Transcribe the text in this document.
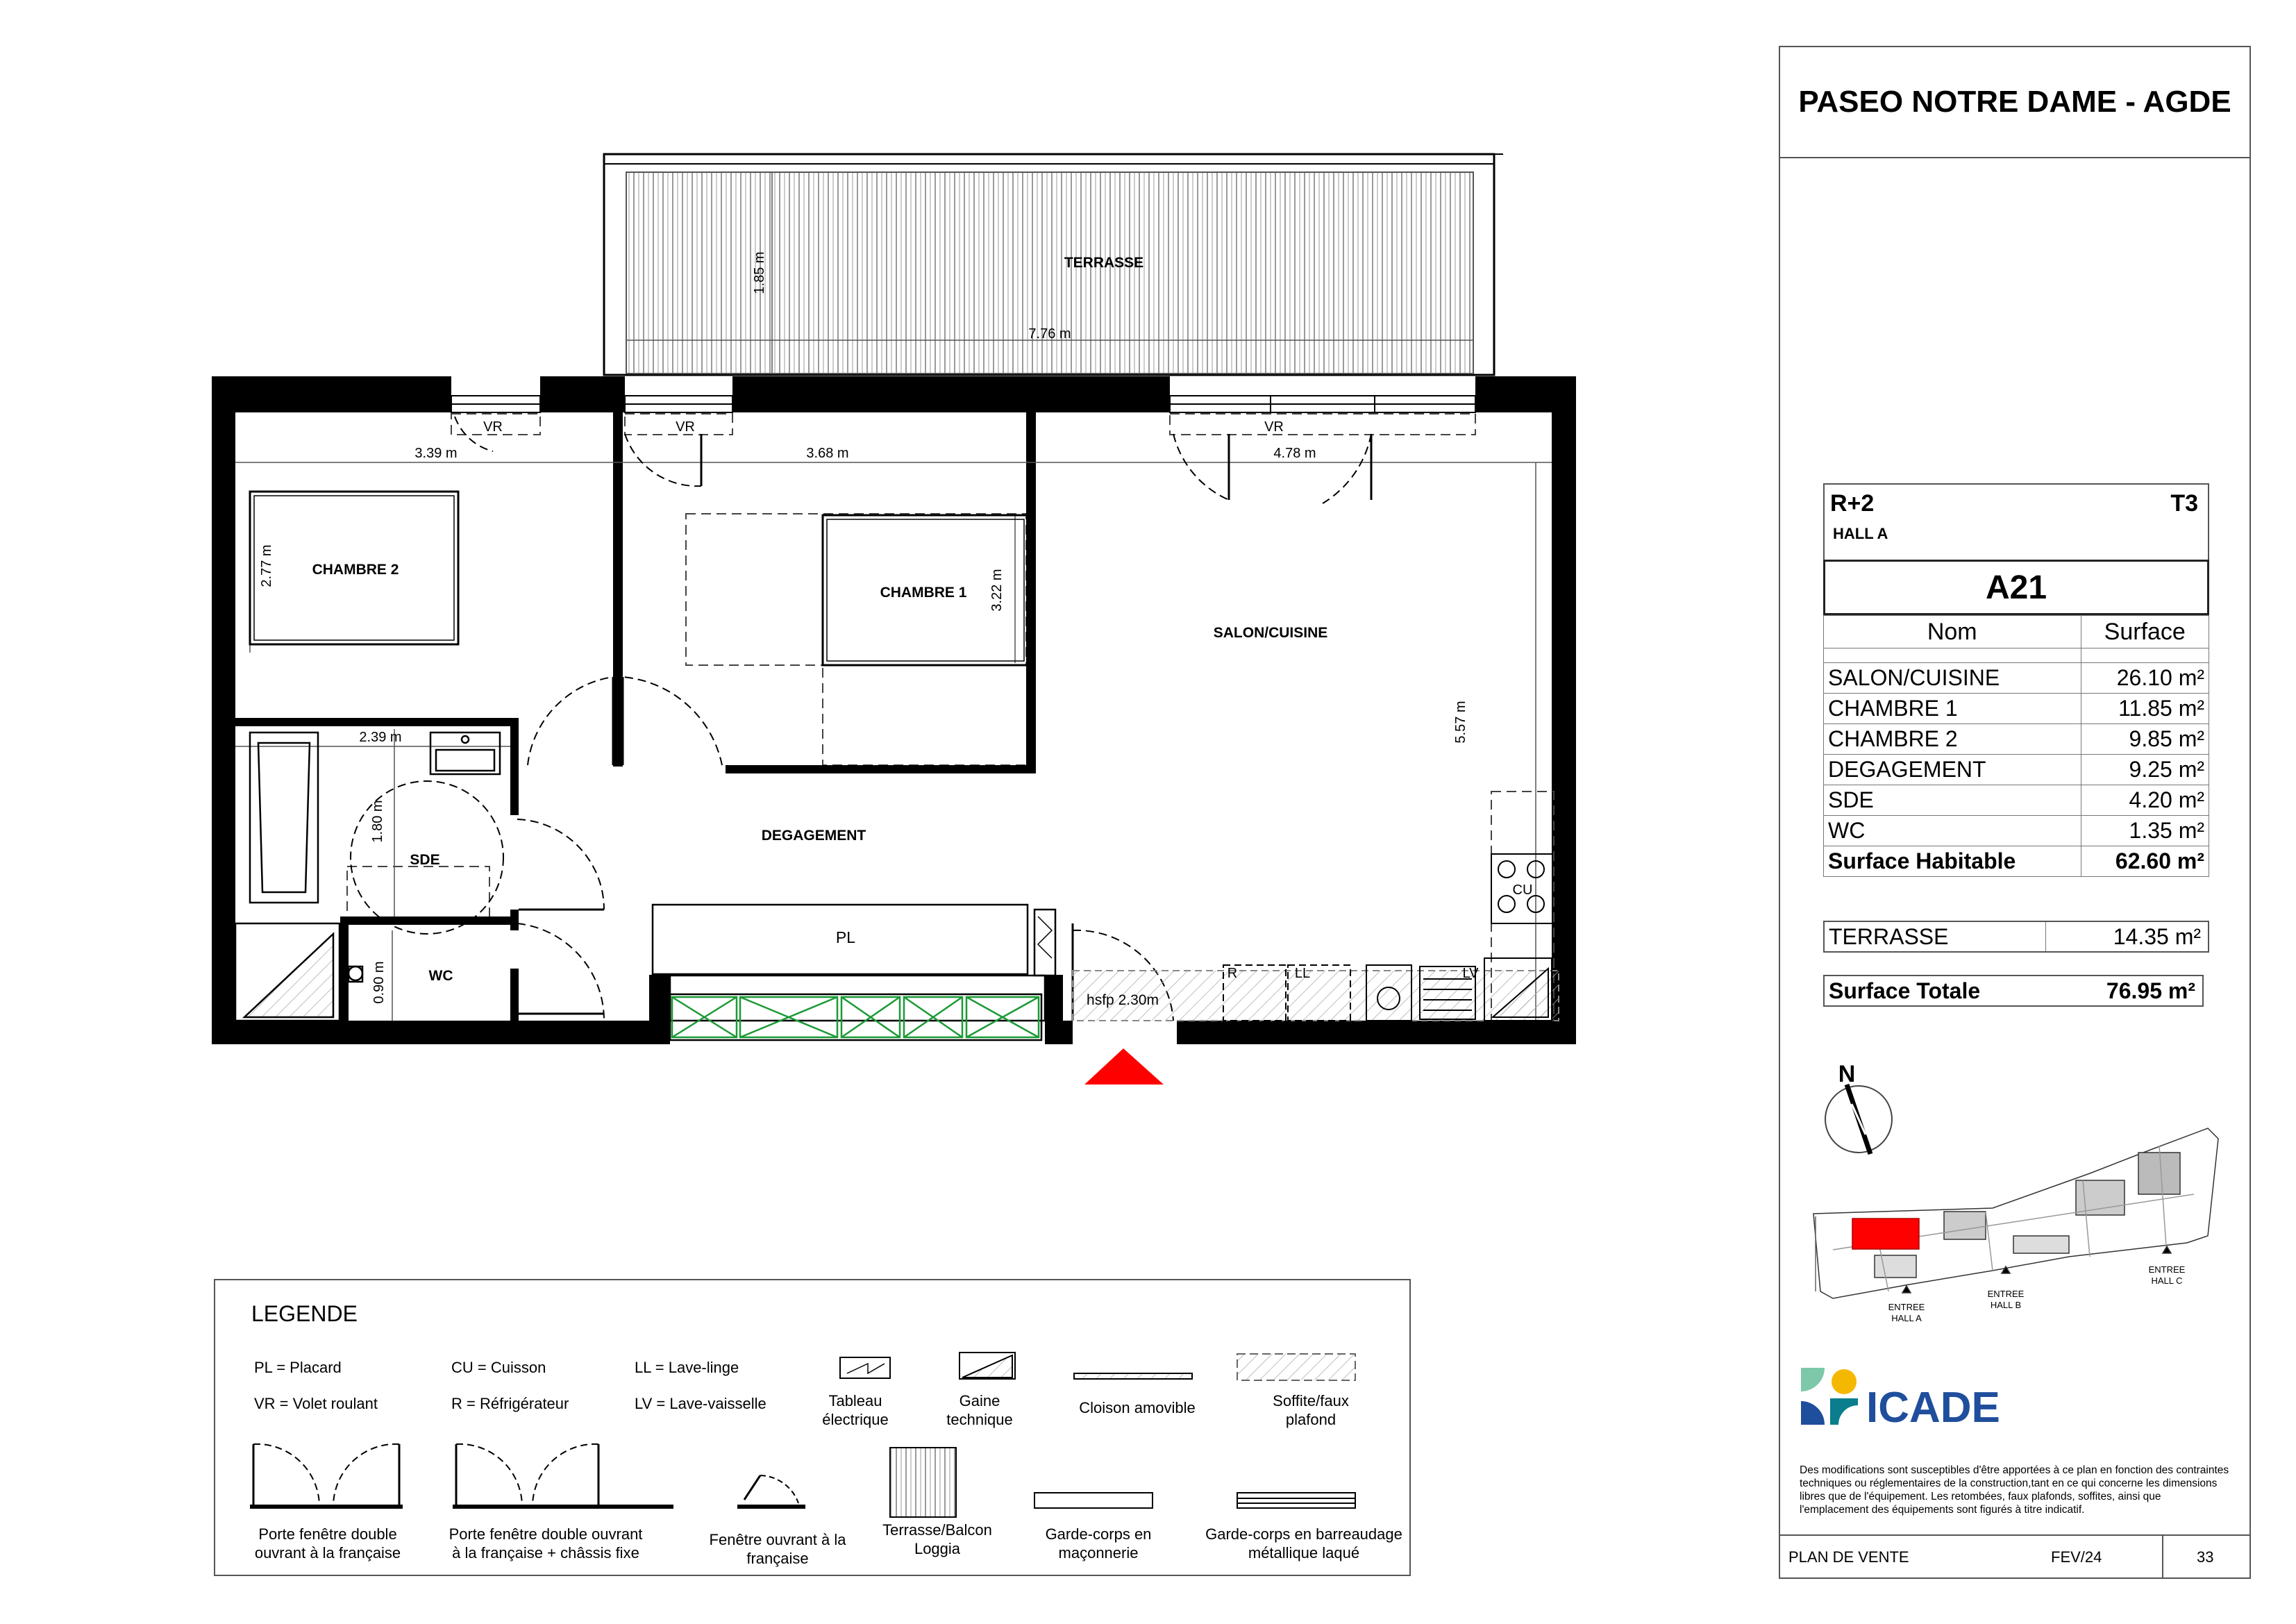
TERRASSE
CHAMBRE 2
CHAMBRE 1
SALON/CUISINE
DEGAGEMENT
SDE
WC
PL
7.76 m
1.85 m
3.39 m	3.68 m	4.78 m
2.77 m
3.22 m
5.57 m
2.39 m
1.80 m
0.90 m	hsfp 2.30m
VR	VR	VR
CU
R	LL	LV
N
ENTREE
HALL A
ENTREE
HALL B
ENTREE
HALL C
ICADE
PASEO NOTRE DAME - AGDE
R+2
HALL A
T3
A21
Nom	Surface

SALON/CUISINE	26.10 m²
CHAMBRE 1	11.85 m²
CHAMBRE 2	9.85 m²
DEGAGEMENT	9.25 m²
SDE	4.20 m²
WC	1.35 m²
Surface Habitable	62.60 m²
TERRASSE	14.35 m²
Surface Totale	76.95 m²
Des modifications sont susceptibles d'être apportées à ce plan en fonction des contraintes techniques ou réglementaires de la construction,tant en ce qui concerne les dimensions libres que de l'équipement. Les retombées, faux plafonds, soffites, ainsi que l'emplacement des équipements sont figurés à titre indicatif.
PLAN DE VENTE	FEV/24	33
LEGENDE
PL = Placard
VR = Volet roulant
CU = Cuisson
R = Réfrigérateur
LL = Lave-linge
LV = Lave-vaisselle	Tableau
électrique
Gaine
technique
Cloison amovible	Soffite/faux
plafond
Porte fenêtre double
ouvrant à la française
Porte fenêtre double ouvrant
à la française + châssis fixe
Fenêtre ouvrant à la
française
Terrasse/Balcon
Loggia
Garde-corps en
maçonnerie
Garde-corps en barreaudage
métallique laqué
